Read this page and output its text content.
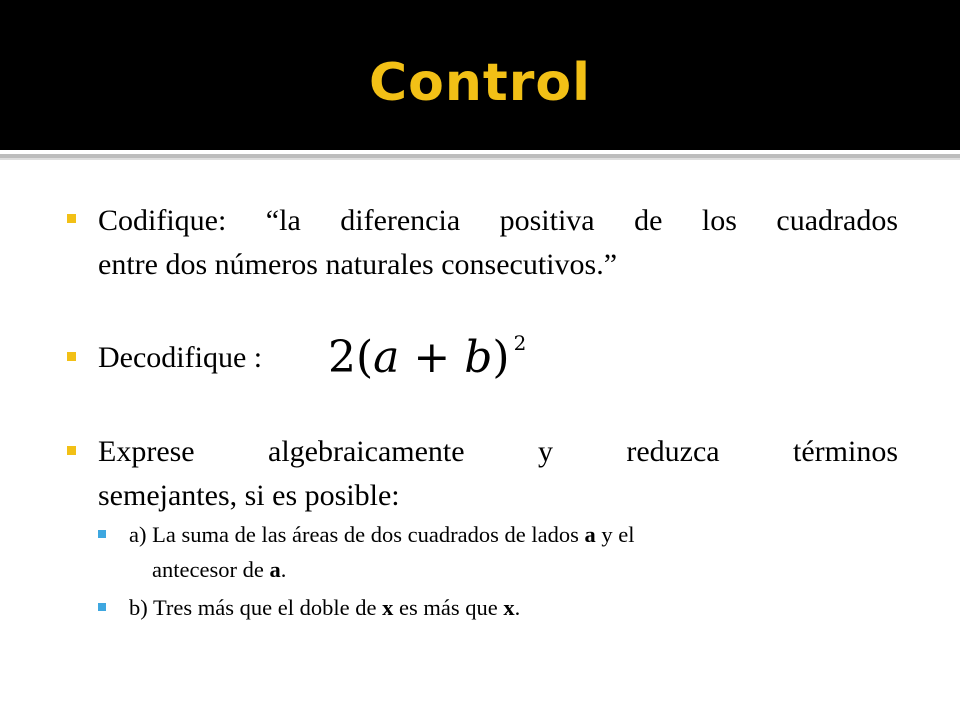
Control
Codifique: “la diferencia positiva de los cuadrados
entre dos números naturales consecutivos.”
Decodifique :	2(a + b) $^2$
Exprese algebraicamente y reduzca términos
semejantes, si es posible:
a) La suma de las áreas de dos cuadrados de lados a y el
antecesor de a.
b) Tres más que el doble de x es más que x.
